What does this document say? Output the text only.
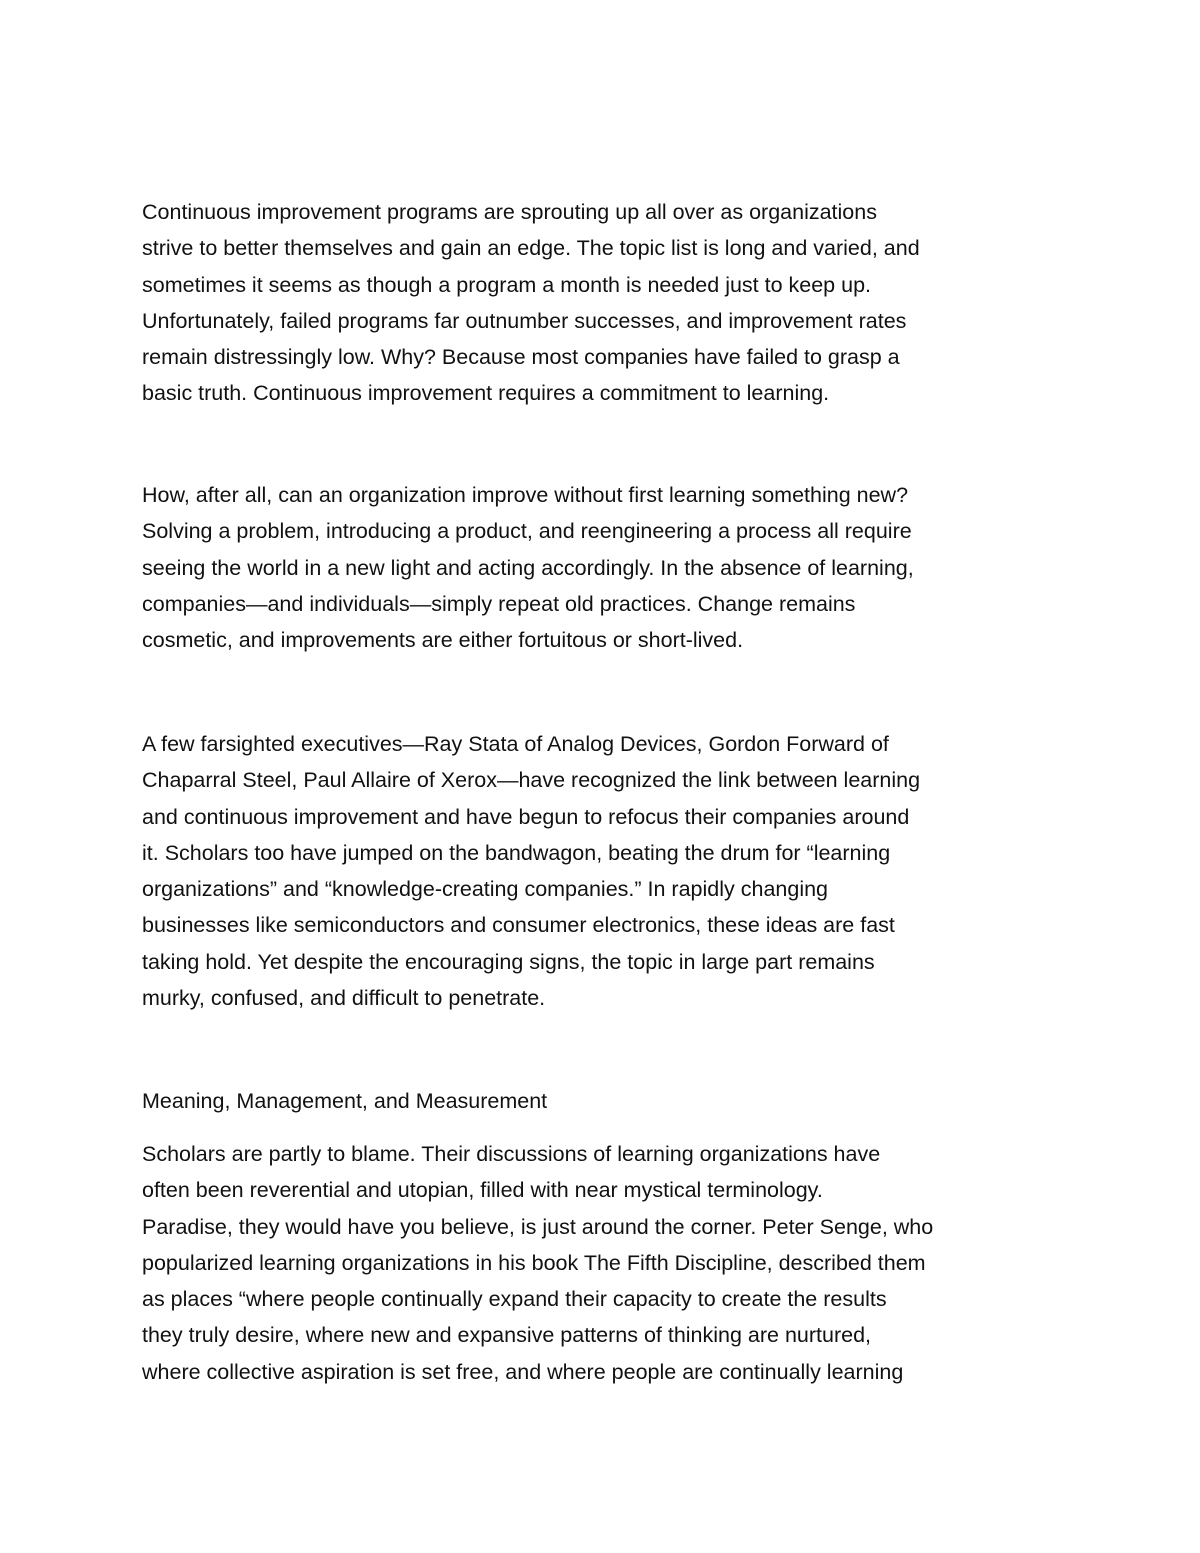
Continuous improvement programs are sprouting up all over as organizations
strive to better themselves and gain an edge. The topic list is long and varied, and
sometimes it seems as though a program a month is needed just to keep up.
Unfortunately, failed programs far outnumber successes, and improvement rates
remain distressingly low. Why? Because most companies have failed to grasp a
basic truth. Continuous improvement requires a commitment to learning.

How, after all, can an organization improve without first learning something new?
Solving a problem, introducing a product, and reengineering a process all require
seeing the world in a new light and acting accordingly. In the absence of learning,
companies—and individuals—simply repeat old practices. Change remains
cosmetic, and improvements are either fortuitous or short-lived.

A few farsighted executives—Ray Stata of Analog Devices, Gordon Forward of
Chaparral Steel, Paul Allaire of Xerox—have recognized the link between learning
and continuous improvement and have begun to refocus their companies around
it. Scholars too have jumped on the bandwagon, beating the drum for “learning
organizations” and “knowledge-creating companies.” In rapidly changing
businesses like semiconductors and consumer electronics, these ideas are fast
taking hold. Yet despite the encouraging signs, the topic in large part remains
murky, confused, and difficult to penetrate.

Meaning, Management, and Measurement

Scholars are partly to blame. Their discussions of learning organizations have
often been reverential and utopian, filled with near mystical terminology.
Paradise, they would have you believe, is just around the corner. Peter Senge, who
popularized learning organizations in his book The Fifth Discipline, described them
as places “where people continually expand their capacity to create the results
they truly desire, where new and expansive patterns of thinking are nurtured,
where collective aspiration is set free, and where people are continually learning
